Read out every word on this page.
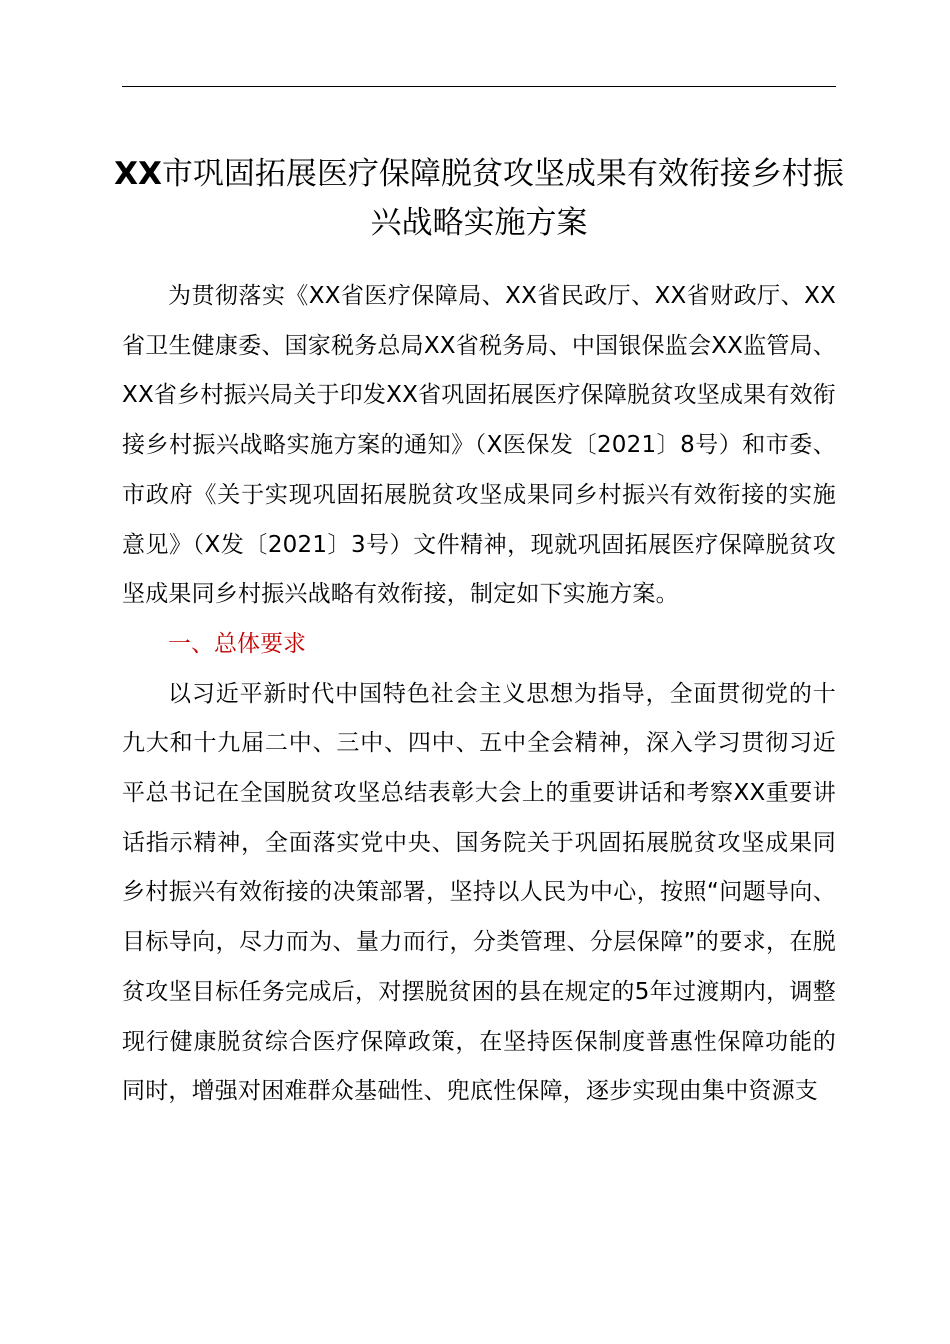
XX市巩固拓展医疗保障脱贫攻坚成果有效衔接乡村振兴战略实施方案

为贯彻落实《XX省医疗保障局、XX省民政厅、XX省财政厅、XX省卫生健康委、国家税务总局XX省税务局、中国银保监会XX监管局、XX省乡村振兴局关于印发XX省巩固拓展医疗保障脱贫攻坚成果有效衔接乡村振兴战略实施方案的通知》（X医保发〔2021〕8号）和市委、市政府《关于实现巩固拓展脱贫攻坚成果同乡村振兴有效衔接的实施意见》（X发〔2021〕3号）文件精神，现就巩固拓展医疗保障脱贫攻坚成果同乡村振兴战略有效衔接，制定如下实施方案。

一、总体要求

以习近平新时代中国特色社会主义思想为指导，全面贯彻党的十九大和十九届二中、三中、四中、五中全会精神，深入学习贯彻习近平总书记在全国脱贫攻坚总结表彰大会上的重要讲话和考察XX重要讲话指示精神，全面落实党中央、国务院关于巩固拓展脱贫攻坚成果同乡村振兴有效衔接的决策部署，坚持以人民为中心，按照“问题导向、目标导向，尽力而为、量力而行，分类管理、分层保障”的要求，在脱贫攻坚目标任务完成后，对摆脱贫困的县在规定的5年过渡期内，调整现行健康脱贫综合医疗保障政策，在坚持医保制度普惠性保障功能的同时，增强对困难群众基础性、兜底性保障，逐步实现由集中资源支
